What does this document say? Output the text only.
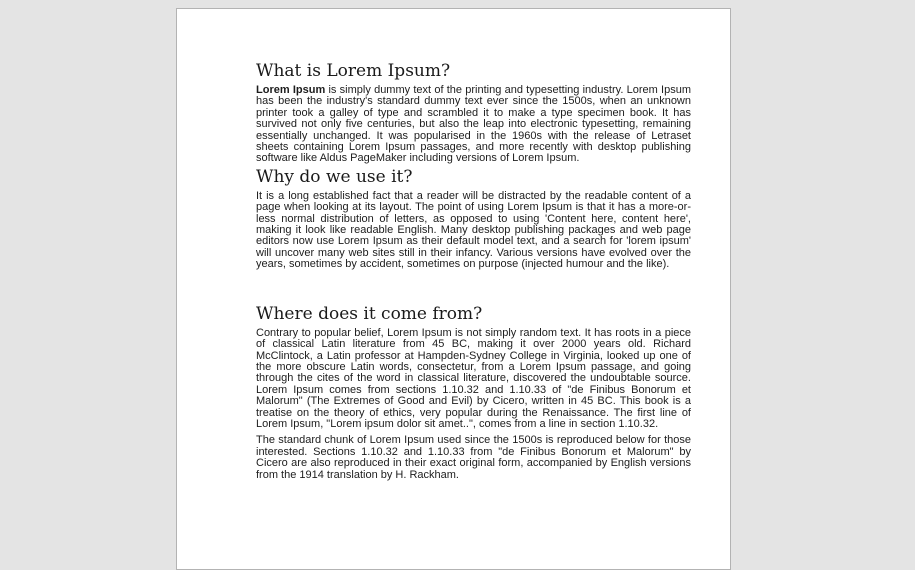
What is Lorem Ipsum?

Lorem Ipsum is simply dummy text of the printing and typesetting industry. Lorem Ipsum has been the industry's standard dummy text ever since the 1500s, when an unknown printer took a galley of type and scrambled it to make a type specimen book. It has survived not only five centuries, but also the leap into electronic typesetting, remaining essentially unchanged. It was popularised in the 1960s with the release of Letraset sheets containing Lorem Ipsum passages, and more recently with desktop publishing software like Aldus PageMaker including versions of Lorem Ipsum.

Why do we use it?

It is a long established fact that a reader will be distracted by the readable content of a page when looking at its layout. The point of using Lorem Ipsum is that it has a more-or-less normal distribution of letters, as opposed to using 'Content here, content here', making it look like readable English. Many desktop publishing packages and web page editors now use Lorem Ipsum as their default model text, and a search for 'lorem ipsum' will uncover many web sites still in their infancy. Various versions have evolved over the years, sometimes by accident, sometimes on purpose (injected humour and the like).

Where does it come from?

Contrary to popular belief, Lorem Ipsum is not simply random text. It has roots in a piece of classical Latin literature from 45 BC, making it over 2000 years old. Richard McClintock, a Latin professor at Hampden-Sydney College in Virginia, looked up one of the more obscure Latin words, consectetur, from a Lorem Ipsum passage, and going through the cites of the word in classical literature, discovered the undoubtable source. Lorem Ipsum comes from sections 1.10.32 and 1.10.33 of "de Finibus Bonorum et Malorum" (The Extremes of Good and Evil) by Cicero, written in 45 BC. This book is a treatise on the theory of ethics, very popular during the Renaissance. The first line of Lorem Ipsum, "Lorem ipsum dolor sit amet..", comes from a line in section 1.10.32.

The standard chunk of Lorem Ipsum used since the 1500s is reproduced below for those interested. Sections 1.10.32 and 1.10.33 from "de Finibus Bonorum et Malorum" by Cicero are also reproduced in their exact original form, accompanied by English versions from the 1914 translation by H. Rackham.
